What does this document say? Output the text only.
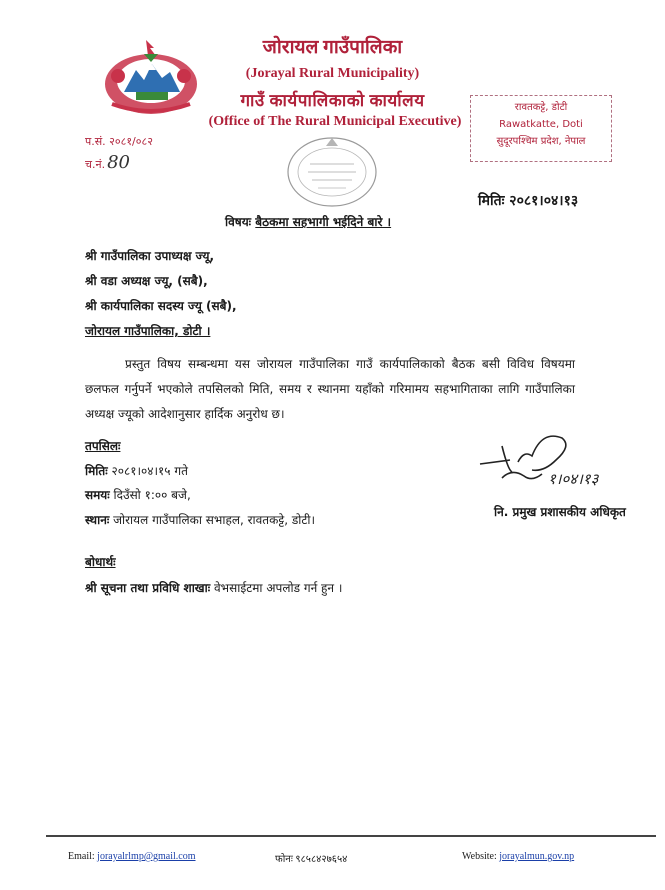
जोरायल गाउँपालिका
(Jorayal Rural Municipality)
गाउँ कार्यपालिकाको कार्यालय
(Office of The Rural Municipal Executive)
रावतकट्टे, डोटी
Rawatkatte, Doti
सुदूरपश्चिम प्रदेश, नेपाल
प.सं. २०८१/०८२
च.नं. 80
मितिः २०८१।०४।१३
विषयः बैठकमा सहभागी भईदिने बारे ।
श्री गाउँपालिका उपाध्यक्ष ज्यू,
श्री वडा अध्यक्ष ज्यू, (सबै),
श्री कार्यपालिका सदस्य ज्यू (सबै),
जोरायल गाउँपालिका, डोटी ।
प्रस्तुत विषय सम्बन्धमा यस जोरायल गाउँपालिका गाउँ कार्यपालिकाको बैठक बसी विविध विषयमा छलफल गर्नुपर्ने भएकोले तपसिलको मिति, समय र स्थानमा यहाँको गरिमामय सहभागिताका लागि गाउँपालिका अध्यक्ष ज्यूको आदेशानुसार हार्दिक अनुरोध छ।
तपसिलः
मितिः २०८१।०४।१५ गते
समयः दिउँसो १:०० बजे,
स्थानः जोरायल गाउँपालिका सभाहल, रावतकट्टे, डोटी।
१।०४।१३
नि. प्रमुख प्रशासकीय अधिकृत
बोधार्थः
श्री सूचना तथा प्रविधि शाखाः वेभसाईटमा अपलोड गर्न हुन ।
Email: jorayalrlmp@gmail.com	फोनः ९८५८४२७६५४	Website: jorayalmun.gov.np
